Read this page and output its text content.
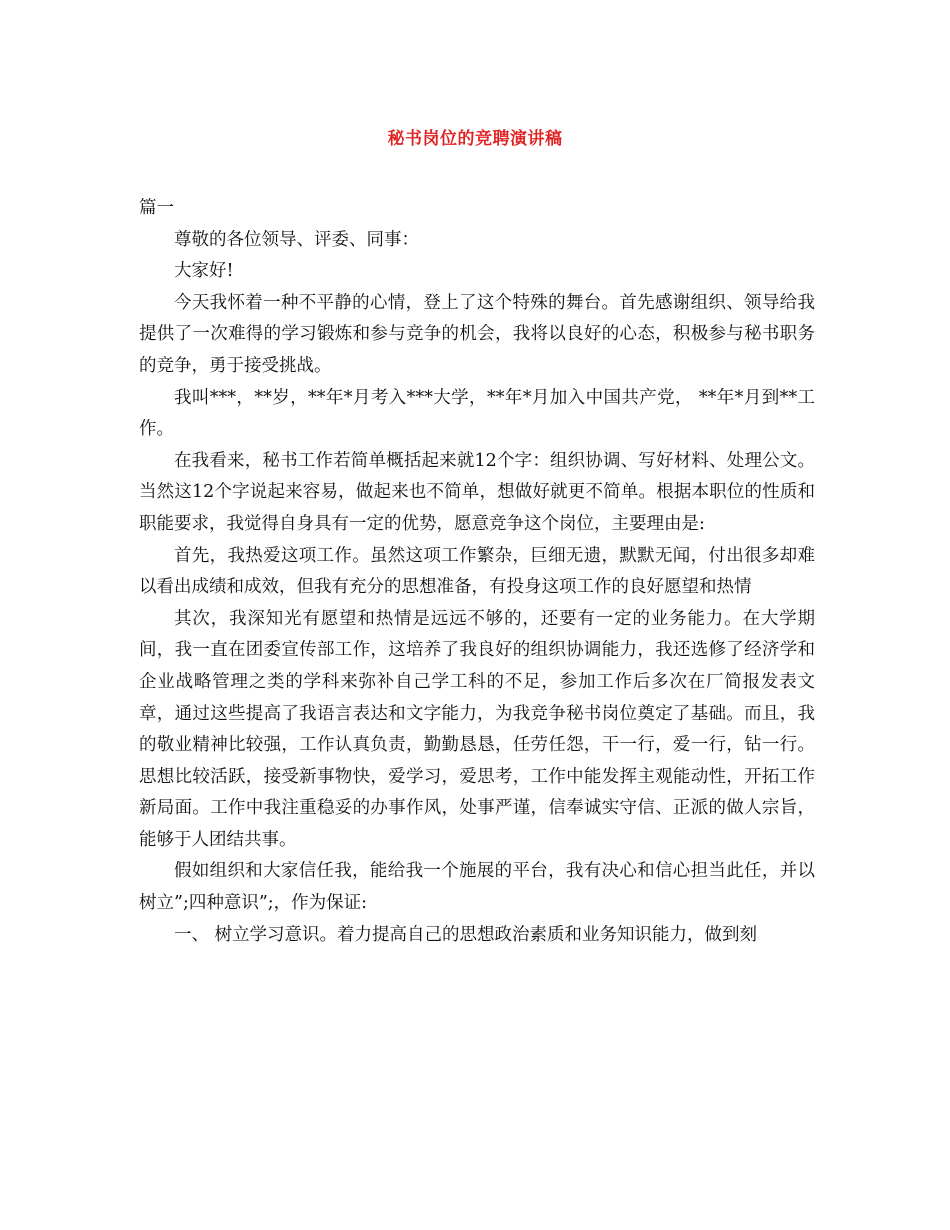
秘书岗位的竞聘演讲稿

篇一

尊敬的各位领导、评委、同事：

大家好!

今天我怀着一种不平静的心情，登上了这个特殊的舞台。首先感谢组织、领导给我提供了一次难得的学习锻炼和参与竞争的机会，我将以良好的心态，积极参与秘书职务的竞争，勇于接受挑战。

我叫***，**岁，**年*月考入***大学，**年*月加入中国共产党， **年*月到**工作。

在我看来，秘书工作若简单概括起来就12个字：组织协调、写好材料、处理公文。当然这12个字说起来容易，做起来也不简单，想做好就更不简单。根据本职位的性质和职能要求，我觉得自身具有一定的优势，愿意竞争这个岗位，主要理由是:

首先，我热爱这项工作。虽然这项工作繁杂，巨细无遗，默默无闻，付出很多却难以看出成绩和成效，但我有充分的思想准备，有投身这项工作的良好愿望和热情

其次，我深知光有愿望和热情是远远不够的，还要有一定的业务能力。在大学期间，我一直在团委宣传部工作，这培养了我良好的组织协调能力，我还选修了经济学和企业战略管理之类的学科来弥补自己学工科的不足，参加工作后多次在厂简报发表文章，通过这些提高了我语言表达和文字能力，为我竞争秘书岗位奠定了基础。而且，我的敬业精神比较强，工作认真负责，勤勤恳恳，任劳任怨，干一行，爱一行，钻一行。思想比较活跃，接受新事物快，爱学习，爱思考，工作中能发挥主观能动性，开拓工作新局面。工作中我注重稳妥的办事作风，处事严谨，信奉诚实守信、正派的做人宗旨，能够于人团结共事。

假如组织和大家信任我，能给我一个施展的平台，我有决心和信心担当此任，并以树立”;四种意识”;，作为保证:

一、 树立学习意识。着力提高自己的思想政治素质和业务知识能力，做到刻
